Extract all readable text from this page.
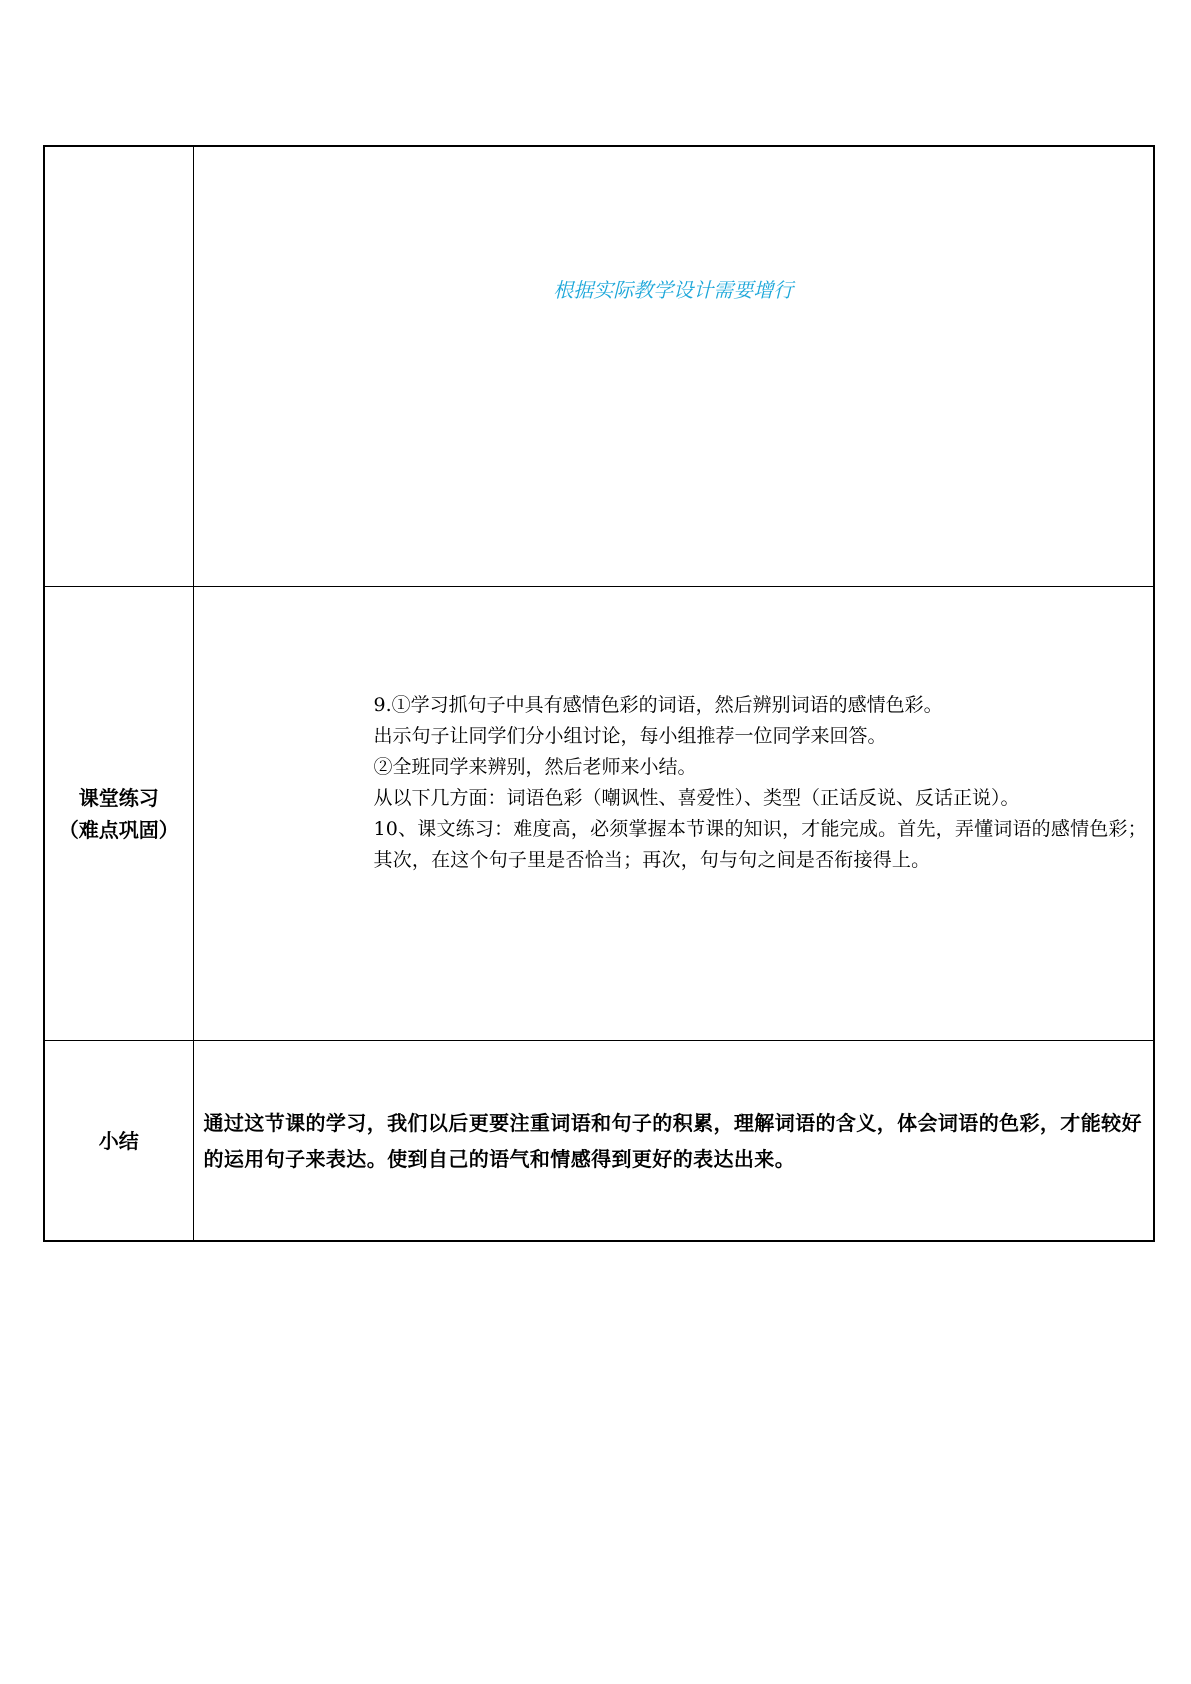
	根据实际教学设计需要增行

课堂练习
（难点巩固）	9.①学习抓句子中具有感情色彩的词语，然后辨别词语的感情色彩。
出示句子让同学们分小组讨论，每小组推荐一位同学来回答。
②全班同学来辨别，然后老师来小结。
从以下几方面：词语色彩（嘲讽性、喜爱性）、类型（正话反说、反话正说）。
10、课文练习：难度高，必须掌握本节课的知识，才能完成。首先，弄懂词语的感情色彩；其次，在这个句子里是否恰当；再次，句与句之间是否衔接得上。

小结	通过这节课的学习，我们以后更要注重词语和句子的积累，理解词语的含义，体会词语的色彩，才能较好的运用句子来表达。使到自己的语气和情感得到更好的表达出来。
